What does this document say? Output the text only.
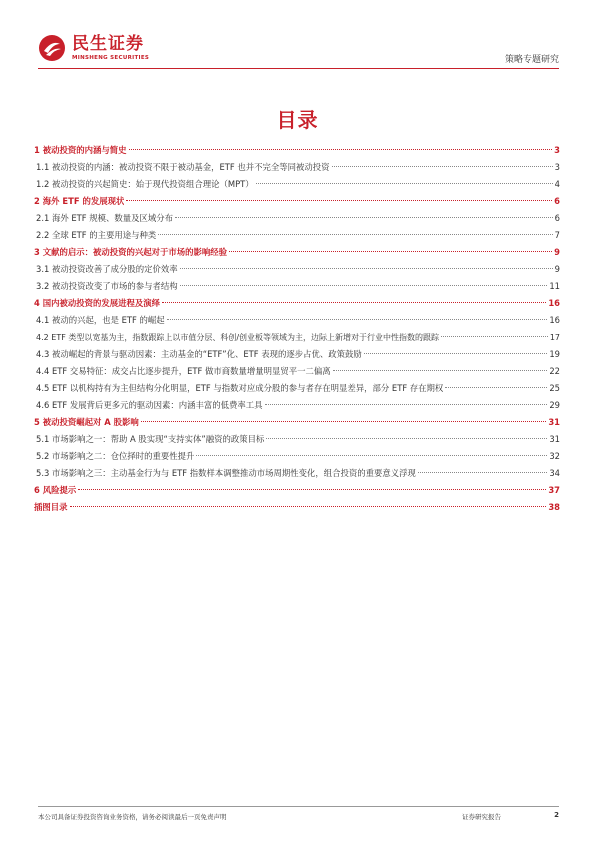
民生证券
MINSHENG SECURITIES	策略专题研究
目录
1 被动投资的内涵与简史	3
1.1 被动投资的内涵：被动投资不限于被动基金，ETF 也并不完全等同被动投资	3
1.2 被动投资的兴起简史：始于现代投资组合理论（MPT）	4
2 海外 ETF 的发展现状	6
2.1 海外 ETF 规模、数量及区域分布	6
2.2 全球 ETF 的主要用途与种类	7
3 文献的启示：被动投资的兴起对于市场的影响经验	9
3.1 被动投资改善了成分股的定价效率	9
3.2 被动投资改变了市场的参与者结构	11
4 国内被动投资的发展进程及演绎	16
4.1 被动的兴起，也是 ETF 的崛起	16
4.2 ETF 类型以宽基为主，指数跟踪上以市值分层、科创/创业板等领域为主，边际上新增对于行业中性指数的跟踪	17
4.3 被动崛起的背景与驱动因素：主动基金的“ETF”化、ETF 表现的逐步占优、政策鼓励	19
4.4 ETF 交易特征：成交占比逐步提升，ETF 做市商数量增量明显贸平一二偏离	22
4.5 ETF 以机构持有为主但结构分化明显，ETF 与指数对应成分股的参与者存在明显差异，部分 ETF 存在期权	25
4.6 ETF 发展背后更多元的驱动因素：内涵丰富的低费率工具	29
5 被动投资崛起对 A 股影响	31
5.1 市场影响之一：帮助 A 股实现“支持实体”融资的政策目标	31
5.2 市场影响之二：仓位择时的重要性提升	32
5.3 市场影响之三：主动基金行为与 ETF 指数样本调整推动市场周期性变化，组合投资的重要意义浮现	34
6 风险提示	37
插图目录	38
本公司具备证券投资咨询业务资格，请务必阅读最后一页免责声明	证券研究报告	2
